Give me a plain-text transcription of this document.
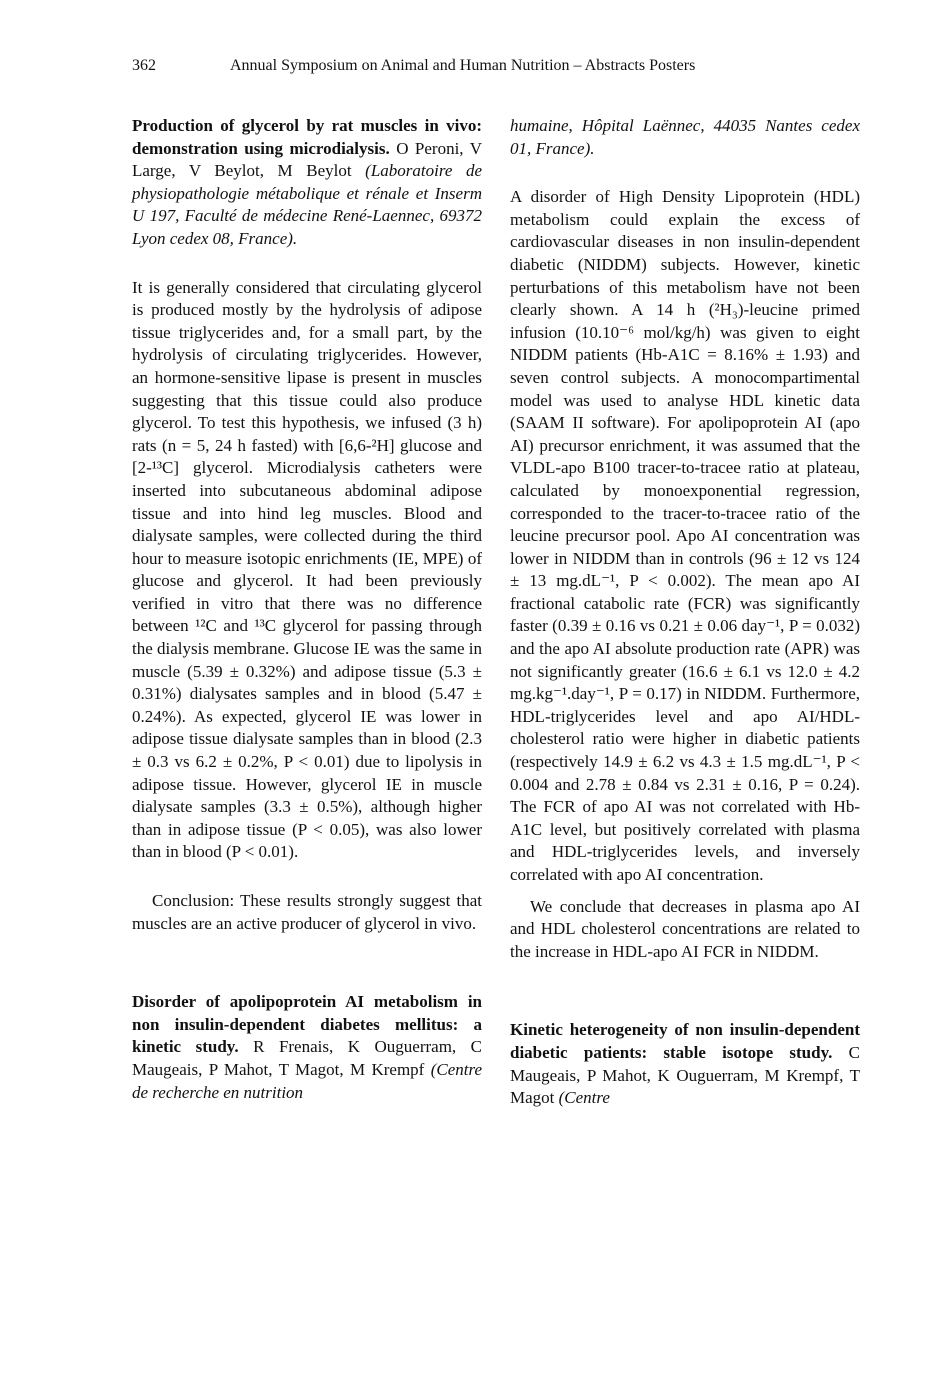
362	Annual Symposium on Animal and Human Nutrition – Abstracts Posters

Production of glycerol by rat muscles in vivo: demonstration using microdialysis. O Peroni, V Large, V Beylot, M Beylot (Laboratoire de physiopathologie métabolique et rénale et Inserm U 197, Faculté de médecine René-Laennec, 69372 Lyon cedex 08, France).

It is generally considered that circulating glycerol is produced mostly by the hydrolysis of adipose tissue triglycerides and, for a small part, by the hydrolysis of circulating triglycerides. However, an hormone-sensitive lipase is present in muscles suggesting that this tissue could also produce glycerol. To test this hypothesis, we infused (3 h) rats (n = 5, 24 h fasted) with [6,6-²H] glucose and [2-¹³C] glycerol. Microdialysis catheters were inserted into subcutaneous abdominal adipose tissue and into hind leg muscles. Blood and dialysate samples, were collected during the third hour to measure isotopic enrichments (IE, MPE) of glucose and glycerol. It had been previously verified in vitro that there was no difference between ¹²C and ¹³C glycerol for passing through the dialysis membrane. Glucose IE was the same in muscle (5.39 ± 0.32%) and adipose tissue (5.3 ± 0.31%) dialysates samples and in blood (5.47 ± 0.24%). As expected, glycerol IE was lower in adipose tissue dialysate samples than in blood (2.3 ± 0.3 vs 6.2 ± 0.2%, P < 0.01) due to lipolysis in adipose tissue. However, glycerol IE in muscle dialysate samples (3.3 ± 0.5%), although higher than in adipose tissue (P < 0.05), was also lower than in blood (P < 0.01).

Conclusion: These results strongly suggest that muscles are an active producer of glycerol in vivo.

Disorder of apolipoprotein AI metabolism in non insulin-dependent diabetes mellitus: a kinetic study. R Frenais, K Ouguerram, C Maugeais, P Mahot, T Magot, M Krempf (Centre de recherche en nutrition

humaine, Hôpital Laënnec, 44035 Nantes cedex 01, France).

A disorder of High Density Lipoprotein (HDL) metabolism could explain the excess of cardiovascular diseases in non insulin-dependent diabetic (NIDDM) subjects. However, kinetic perturbations of this metabolism have not been clearly shown. A 14 h (²H₃)-leucine primed infusion (10.10⁻⁶ mol/kg/h) was given to eight NIDDM patients (Hb-A1C = 8.16% ± 1.93) and seven control subjects. A monocompartimental model was used to analyse HDL kinetic data (SAAM II software). For apolipoprotein AI (apo AI) precursor enrichment, it was assumed that the VLDL-apo B100 tracer-to-tracee ratio at plateau, calculated by monoexponential regression, corresponded to the tracer-to-tracee ratio of the leucine precursor pool. Apo AI concentration was lower in NIDDM than in controls (96 ± 12 vs 124 ± 13 mg.dL⁻¹, P < 0.002). The mean apo AI fractional catabolic rate (FCR) was significantly faster (0.39 ± 0.16 vs 0.21 ± 0.06 day⁻¹, P = 0.032) and the apo AI absolute production rate (APR) was not significantly greater (16.6 ± 6.1 vs 12.0 ± 4.2 mg.kg⁻¹.day⁻¹, P = 0.17) in NIDDM. Furthermore, HDL-triglycerides level and apo AI/HDL-cholesterol ratio were higher in diabetic patients (respectively 14.9 ± 6.2 vs 4.3 ± 1.5 mg.dL⁻¹, P < 0.004 and 2.78 ± 0.84 vs 2.31 ± 0.16, P = 0.24). The FCR of apo AI was not correlated with Hb-A1C level, but positively correlated with plasma and HDL-triglycerides levels, and inversely correlated with apo AI concentration.

We conclude that decreases in plasma apo AI and HDL cholesterol concentrations are related to the increase in HDL-apo AI FCR in NIDDM.

Kinetic heterogeneity of non insulin-dependent diabetic patients: stable isotope study. C Maugeais, P Mahot, K Ouguerram, M Krempf, T Magot (Centre
